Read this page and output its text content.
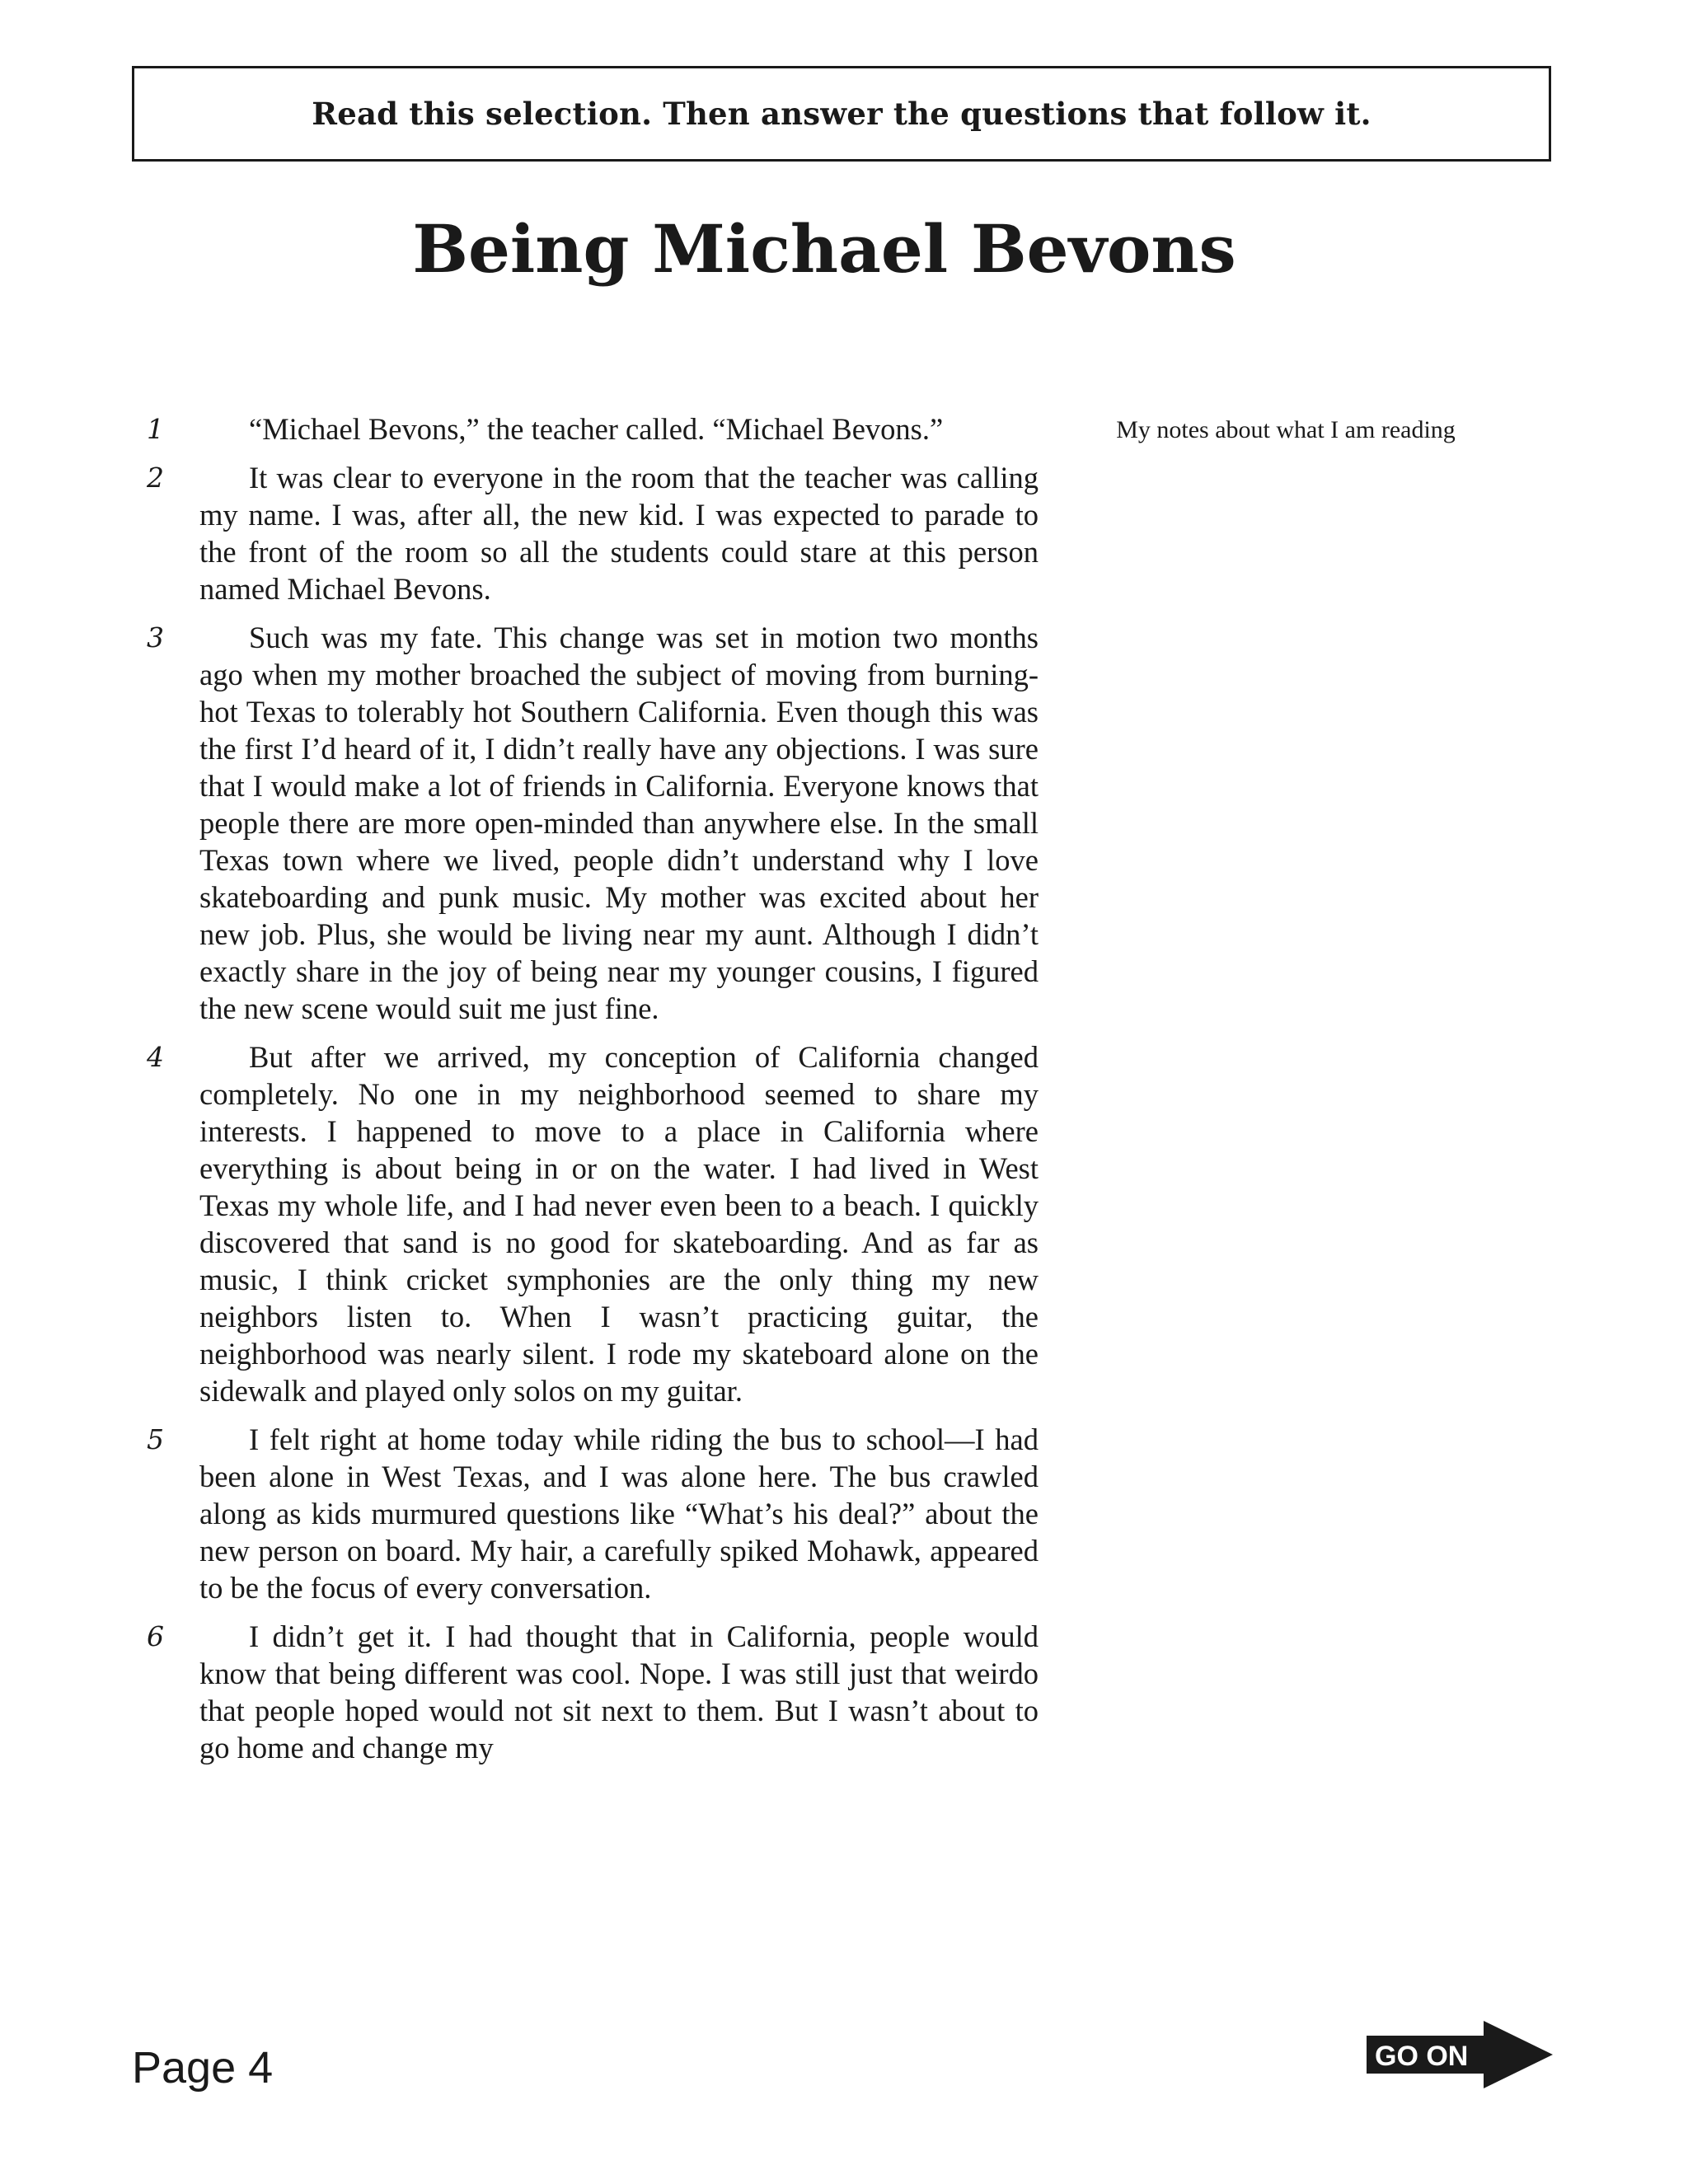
Read this selection. Then answer the questions that follow it.
Being Michael Bevons
1	“Michael Bevons,” the teacher called. “Michael Bevons.”
2	It was clear to everyone in the room that the teacher was calling my name. I was, after all, the new kid. I was expected to parade to the front of the room so all the students could stare at this person named Michael Bevons.
3	Such was my fate. This change was set in motion two months ago when my mother broached the subject of moving from burning-hot Texas to tolerably hot Southern California. Even though this was the first I’d heard of it, I didn’t really have any objections. I was sure that I would make a lot of friends in California. Everyone knows that people there are more open-minded than anywhere else. In the small Texas town where we lived, people didn’t understand why I love skateboarding and punk music. My mother was excited about her new job. Plus, she would be living near my aunt. Although I didn’t exactly share in the joy of being near my younger cousins, I figured the new scene would suit me just fine.
4	But after we arrived, my conception of California changed completely. No one in my neighborhood seemed to share my interests. I happened to move to a place in California where everything is about being in or on the water. I had lived in West Texas my whole life, and I had never even been to a beach. I quickly discovered that sand is no good for skateboarding. And as far as music, I think cricket symphonies are the only thing my new neighbors listen to. When I wasn’t practicing guitar, the neighborhood was nearly silent. I rode my skateboard alone on the sidewalk and played only solos on my guitar.
5	I felt right at home today while riding the bus to school—I had been alone in West Texas, and I was alone here. The bus crawled along as kids murmured questions like “What’s his deal?” about the new person on board. My hair, a carefully spiked Mohawk, appeared to be the focus of every conversation.
6	I didn’t get it. I had thought that in California, people would know that being different was cool. Nope. I was still just that weirdo that people hoped would not sit next to them. But I wasn’t about to go home and change my
My notes about what I am reading
Page 4	GO ON
